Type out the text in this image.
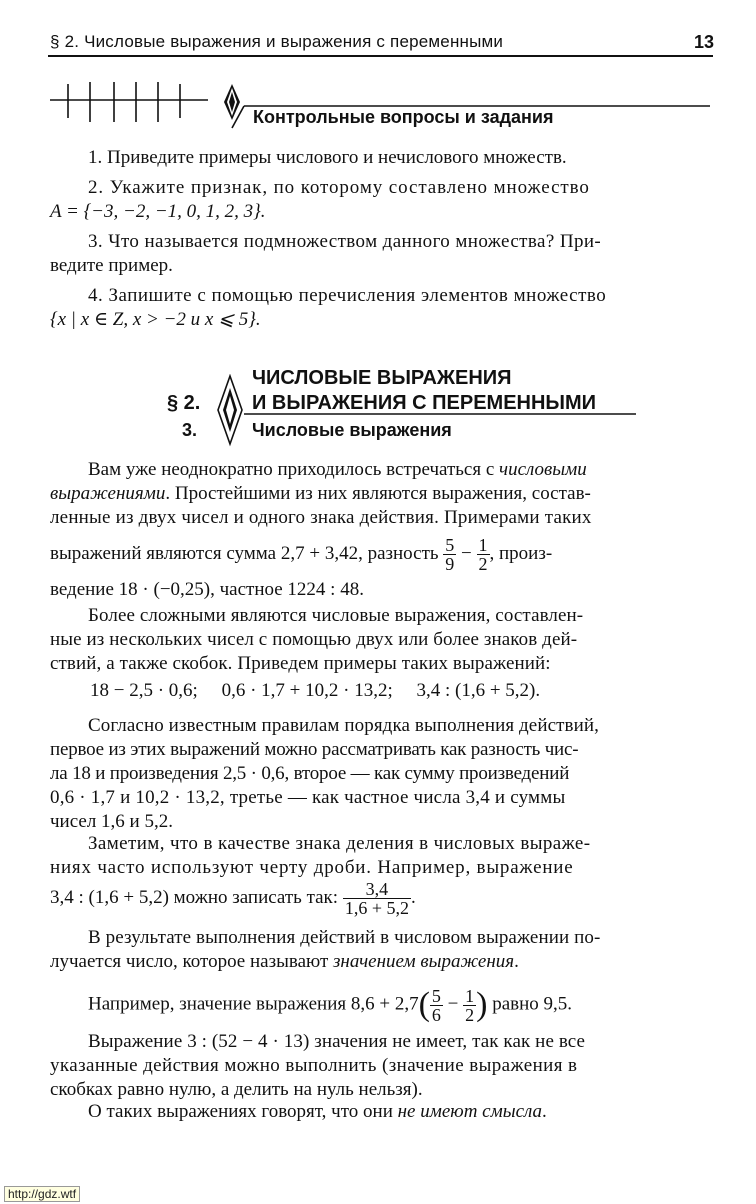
§ 2. Числовые выражения и выражения с переменными	13
Контрольные вопросы и задания
1. Приведите примеры числового и нечислового множеств.
2. Укажите признак, по которому составлено множество
A = {−3, −2, −1, 0, 1, 2, 3}.
3. Что называется подмножеством данного множества? При-
ведите пример.
4. Запишите с помощью перечисления элементов множество
{x | x ∈ Z, x > −2 и x ⩽ 5}.
ЧИСЛОВЫЕ ВЫРАЖЕНИЯ
§ 2.	И ВЫРАЖЕНИЯ С ПЕРЕМЕННЫМИ
3.	Числовые выражения
Вам уже неоднократно приходилось встречаться с числовыми
выражениями. Простейшими из них являются выражения, состав-
ленные из двух чисел и одного знака действия. Примерами таких
выражений являются сумма 2,7 + 3,42, разность $\frac{5}{9} - \frac{1}{2}$ , произ-
ведение 18 · (−0,25), частное 1224 : 48.
Более сложными являются числовые выражения, составлен-
ные из нескольких чисел с помощью двух или более знаков дей-
ствий, а также скобок. Приведем примеры таких выражений:
18 − 2,5 · 0,6;     0,6 · 1,7 + 10,2 · 13,2;     3,4 : (1,6 + 5,2).
Согласно известным правилам порядка выполнения действий,
первое из этих выражений можно рассматривать как разность чис-
ла 18 и произведения 2,5 · 0,6, второе — как сумму произведений
0,6 · 1,7 и 10,2 · 13,2, третье — как частное числа 3,4 и суммы
чисел 1,6 и 5,2.
Заметим, что в качестве знака деления в числовых выраже-
ниях часто используют черту дроби. Например, выражение
3,4 : (1,6 + 5,2) можно записать так: $\frac{3,4}{1,6 + 5,2}$ .
В результате выполнения действий в числовом выражении по-
лучается число, которое называют значением выражения.
Например, значение выражения $8,6 + 2,7( \frac{5}{6} - \frac{1}{2}$ ) равно 9,5.
Выражение 3 : (52 − 4 · 13) значения не имеет, так как не все
указанные действия можно выполнить (значение выражения в
скобках равно нулю, а делить на нуль нельзя).
О таких выражениях говорят, что они не имеют смысла.
http://gdz.wtf
